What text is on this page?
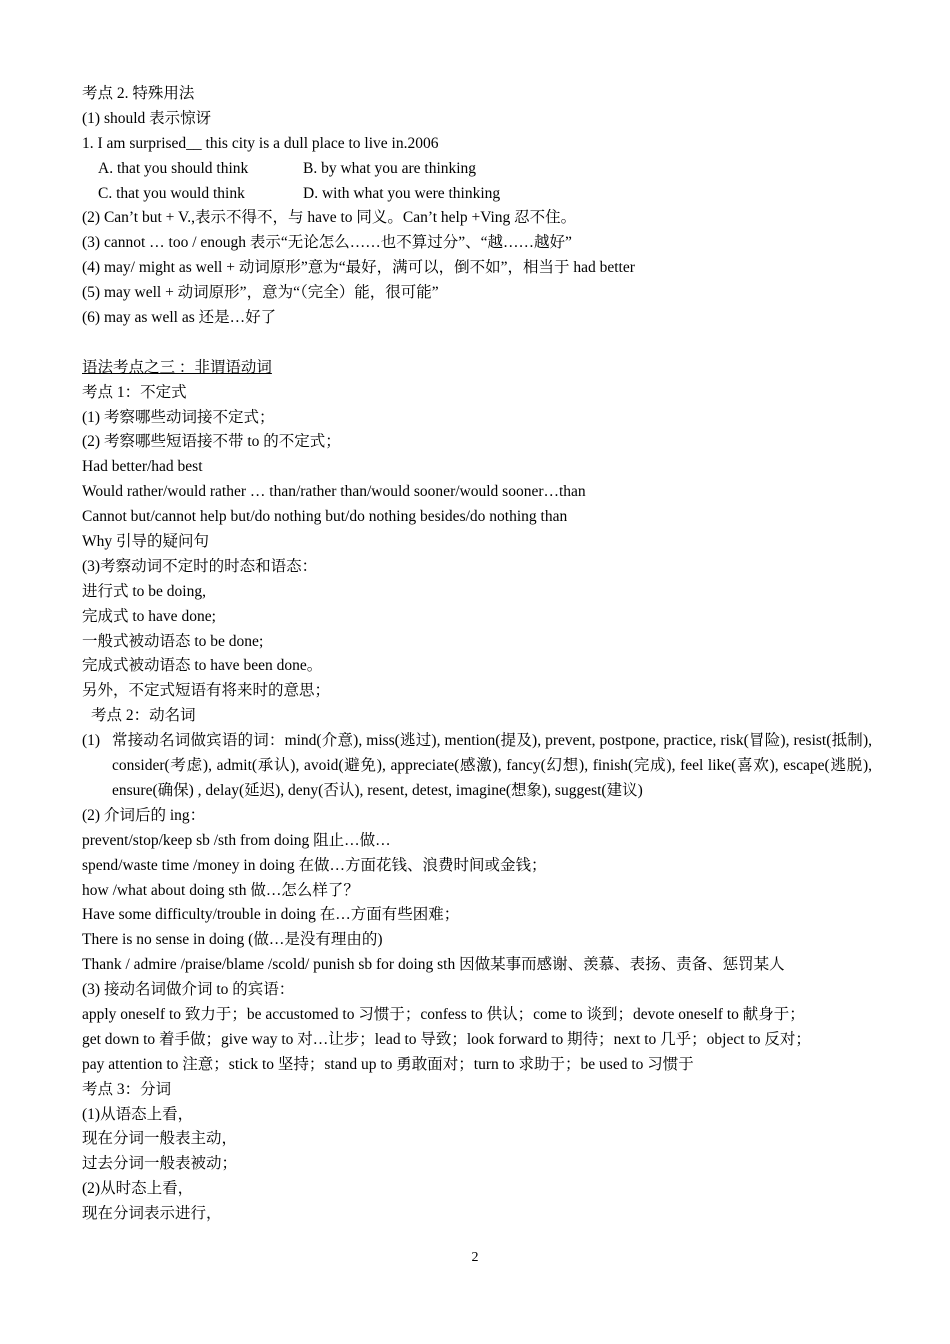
考点 2. 特殊用法
(1) should 表示惊讶
1. I am surprised__ this city is a dull place to live in.2006
A. that you should think	B. by what you are thinking
C. that you would think	D. with what you were thinking
(2) Can’t but + V.,表示不得不，与 have to 同义。Can’t help +Ving 忍不住。
(3) cannot … too / enough 表示“无论怎么……也不算过分”、“越……越好”
(4) may/ might as well + 动词原形”意为“最好，满可以，倒不如”，相当于 had better
(5) may well + 动词原形”，意为“（完全）能，很可能”
(6) may as well as 还是…好了
语法考点之三 ：非谓语动词
考点 1：不定式
(1) 考察哪些动词接不定式；
(2) 考察哪些短语接不带 to 的不定式；
Had better/had best
Would rather/would rather … than/rather than/would sooner/would sooner…than
Cannot but/cannot help but/do nothing but/do nothing besides/do nothing than
Why 引导的疑问句
(3)考察动词不定时的时态和语态：
进行式 to be doing,
完成式 to have done;
一般式被动语态 to be done;
完成式被动语态 to have been done。
另外，不定式短语有将来时的意思；
考点 2：动名词
(1) 常接动名词做宾语的词：mind(介意), miss(逃过), mention(提及), prevent, postpone, practice, risk(冒险), resist(抵制), consider(考虑), admit(承认), avoid(避免), appreciate(感激), fancy(幻想), finish(完成), feel like(喜欢), escape(逃脱), ensure(确保) , delay(延迟), deny(否认), resent, detest, imagine(想象), suggest(建议)
(2) 介词后的 ing：
prevent/stop/keep sb /sth from doing 阻止…做…
spend/waste time /money in doing 在做…方面花钱、浪费时间或金钱；
how /what about doing sth 做…怎么样了？
Have some difficulty/trouble in doing 在…方面有些困难；
There is no sense in doing (做…是没有理由的)
Thank / admire /praise/blame /scold/ punish sb for doing sth 因做某事而感谢、羡慕、表扬、责备、惩罚某人
(3) 接动名词做介词 to 的宾语：
apply oneself to 致力于；be accustomed to 习惯于；confess to 供认；come to 谈到；devote oneself to 献身于；
get down to 着手做；give way to 对…让步；lead to 导致；look forward to 期待；next to 几乎；object to 反对；
pay attention to 注意；stick to 坚持；stand up to 勇敢面对；turn to 求助于；be used to 习惯于
考点 3：分词
(1)从语态上看，
现在分词一般表主动，
过去分词一般表被动；
(2)从时态上看，
现在分词表示进行，
2
